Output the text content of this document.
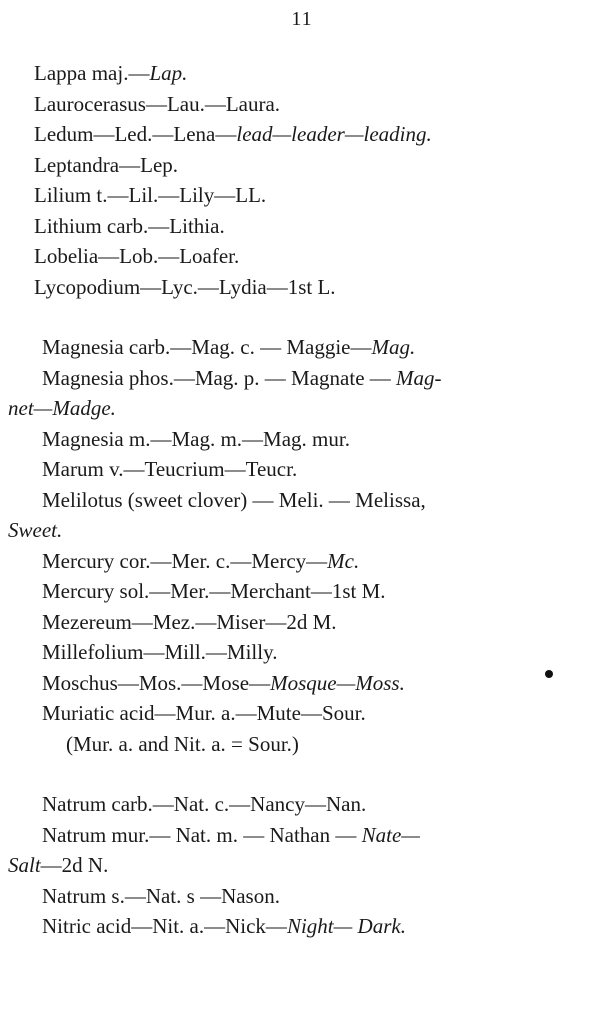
11
Lappa maj.—Lap.
Laurocerasus—Lau.—Laura.
Ledum—Led.—Lena—lead—leader—leading.
Leptandra—Lep.
Lilium t.—Lil.—Lily—LL.
Lithium carb.—Lithia.
Lobelia—Lob.—Loafer.
Lycopodium—Lyc.—Lydia—1st L.
Magnesia carb.—Mag. c. — Maggie—Mag.
Magnesia phos.—Mag. p. — Magnate — Mag-
net—Madge.
Magnesia m.—Mag. m.—Mag. mur.
Marum v.—Teucrium—Teucr.
Melilotus (sweet clover) — Meli. — Melissa,
Sweet.
Mercury cor.—Mer. c.—Mercy—Mc.
Mercury sol.—Mer.—Merchant—1st M.
Mezereum—Mez.—Miser—2d M.
Millefolium—Mill.—Milly.
Moschus—Mos.—Mose—Mosque—Moss.
Muriatic acid—Mur. a.—Mute—Sour.
(Mur. a. and Nit. a. = Sour.)
Natrum carb.—Nat. c.—Nancy—Nan.
Natrum mur.— Nat. m. — Nathan — Nate—
Salt—2d N.
Natrum s.—Nat. s —Nason.
Nitric acid—Nit. a.—Nick—Night— Dark.
